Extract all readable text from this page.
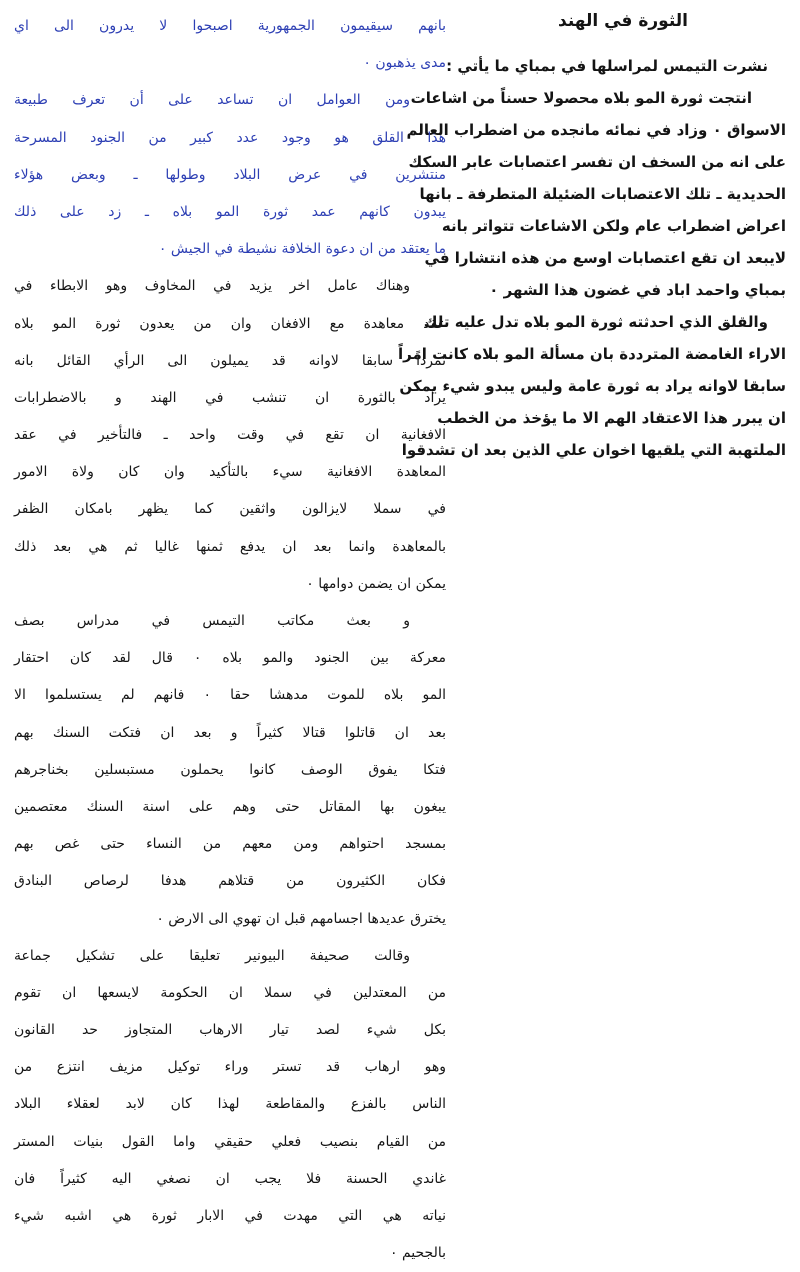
الثورة في الهند
نشرت التيمس لمراسلها في بمباي ما يأتي :
انتجت ثورة المو بلاه محصولا حسناً من اشاعات
الاسواق ٠ وزاد في نمائه مانجده من اضطراب العالم
على انه من السخف ان تفسر اعتصابات عابر السكك
الحديدية ـ تلك الاعتصابات الضئيلة المتطرفة ـ بانها
اعراض اضطراب عام ولكن الاشاعات تتواتر بانه
لايبعد ان تقع اعتصابات اوسع من هذه انتشارا في
بمباي واحمد اباد في غضون هذا الشهر ٠
والقلق الذي احدثته ثورة المو بلاه تدل عليه تلك
الاراء الغامضة المترددة بان مسألة المو بلاه كانت امراً
سابقا لاوانه يراد به ثورة عامة وليس يبدو شيء يمكن
ان يبرر هذا الاعتقاد الهم الا ما يؤخذ من الخطب
الملتهبة التي يلقيها اخوان علي الذين بعد ان تشدقوا
بانهم سيقيمون الجمهورية اصبحوا لا يدرون الى اي
مدى يذهبون ٠
ومن العوامل ان تساعد على أن تعرف طبيعة
هذا القلق هو وجود عدد كبير من الجنود المسرحة
منتشرين في عرض البلاد وطولها ـ وبعض هؤلاء
يبدون كانهم عمد ثورة المو بلاه ـ زد على ذلك
ما يعتقد من ان دعوة الخلافة نشيطة في الجيش ٠
وهناك عامل اخر يزيد في المخاوف وهو الابطاء في
عقد معاهدة مع الافغان وان من يعدون ثورة المو بلاه
تمرداً سابقا لاوانه قد يميلون الى الرأي القائل بانه
يراد بالثورة ان تنشب في الهند و بالاضطرابات
الافغانية ان تقع في وقت واحد ـ فالتأخير في عقد
المعاهدة الافغانية سيء بالتأكيد وان كان ولاة الامور
في سملا لايزالون واثقين كما يظهر بامكان الظفر
بالمعاهدة وانما بعد ان يدفع ثمنها غاليا ثم هي بعد ذلك
يمكن ان يضمن دوامها ٠
و بعث مكاتب التيمس في مدراس بصف
معركة بين الجنود والمو بلاه ٠ قال لقد كان احتقار
المو بلاه للموت مدهشا حقا ٠ فانهم لم يستسلموا الا
بعد ان قاتلوا قتالا كثيراً و بعد ان فتكت السنك بهم
فتكا يفوق الوصف كانوا يحملون مستبسلين بخناجرهم
يبغون بها المقاتل حتى وهم على اسنة السنك معتصمين
بمسجد احتواهم ومن معهم من النساء حتى غص بهم
فكان الكثيرون من قتلاهم هدفا لرصاص البنادق
يخترق عديدها اجسامهم قبل ان تهوي الى الارض ٠
وقالت صحيفة البيونير تعليقا على تشكيل جماعة
من المعتدلين في سملا ان الحكومة لايسعها ان تقوم
بكل شيء لصد تيار الارهاب المتجاوز حد القانون
وهو ارهاب قد تستر وراء توكيل مزيف انتزع من
الناس بالفزع والمقاطعة لهذا كان لابد لعقلاء البلاد
من القيام بنصيب فعلي حقيقي واما القول بنيات المستر
غاندي الحسنة فلا يجب ان نصغي اليه كثيراً فان
نياته هي التي مهدت في الابار ثورة هي اشبه شيء
بالجحيم ٠
